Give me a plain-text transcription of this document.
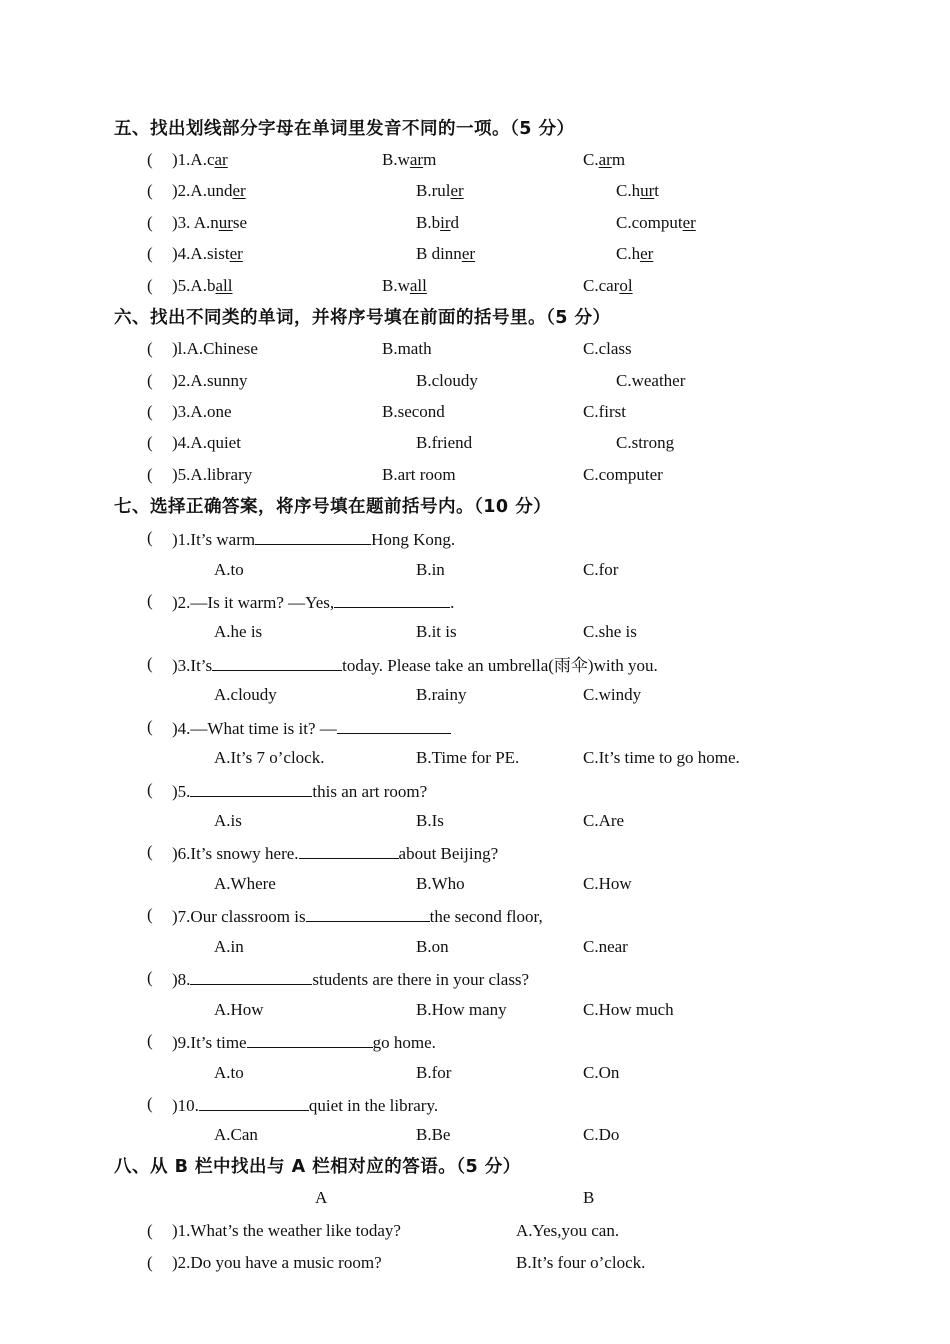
五、找出划线部分字母在单词里发音不同的一项。（5 分）
( )1.A.car	B.warm	C.arm
( )2.A.under	B.ruler	C.hurt
( )3. A.nurse	B.bird	C.computer
( )4.A.sister	B dinner	C.her
( )5.A.ball	B.wall	C.carol
六、找出不同类的单词，并将序号填在前面的括号里。（5 分）
( )l.A.Chinese	B.math	C.class
( )2.A.sunny	B.cloudy	C.weather
( )3.A.one	B.second	C.first
( )4.A.quiet	B.friend	C.strong
( )5.A.library	B.art room	C.computer
七、选择正确答案，将序号填在题前括号内。（10 分）
( )1.It’s warm	Hong Kong.
A.to	B.in	C.for
( )2.—Is it warm? —Yes,	.
A.he is	B.it is	C.she is
( )3.It’s	today. Please take an umbrella(雨伞)with you.
A.cloudy	B.rainy	C.windy
( )4.—What time is it? —
A.It’s 7 o’clock.	B.Time for PE.	C.It’s time to go home.
( )5.	this an art room?
A.is	B.Is	C.Are
( )6.It’s snowy here.	about Beijing?
A.Where	B.Who	C.How
( )7.Our classroom is	the second floor,
A.in	B.on	C.near
( )8.	students are there in your class?
A.How	B.How many	C.How much
( )9.It’s time	go home.
A.to	B.for	C.On
( )10.	quiet in the library.
A.Can	B.Be	C.Do
八、从 B 栏中找出与 A 栏相对应的答语。（5 分）
A	B
( )1.What’s the weather like today?	A.Yes,you can.
( )2.Do you have a music room?	B.It’s four o’clock.
